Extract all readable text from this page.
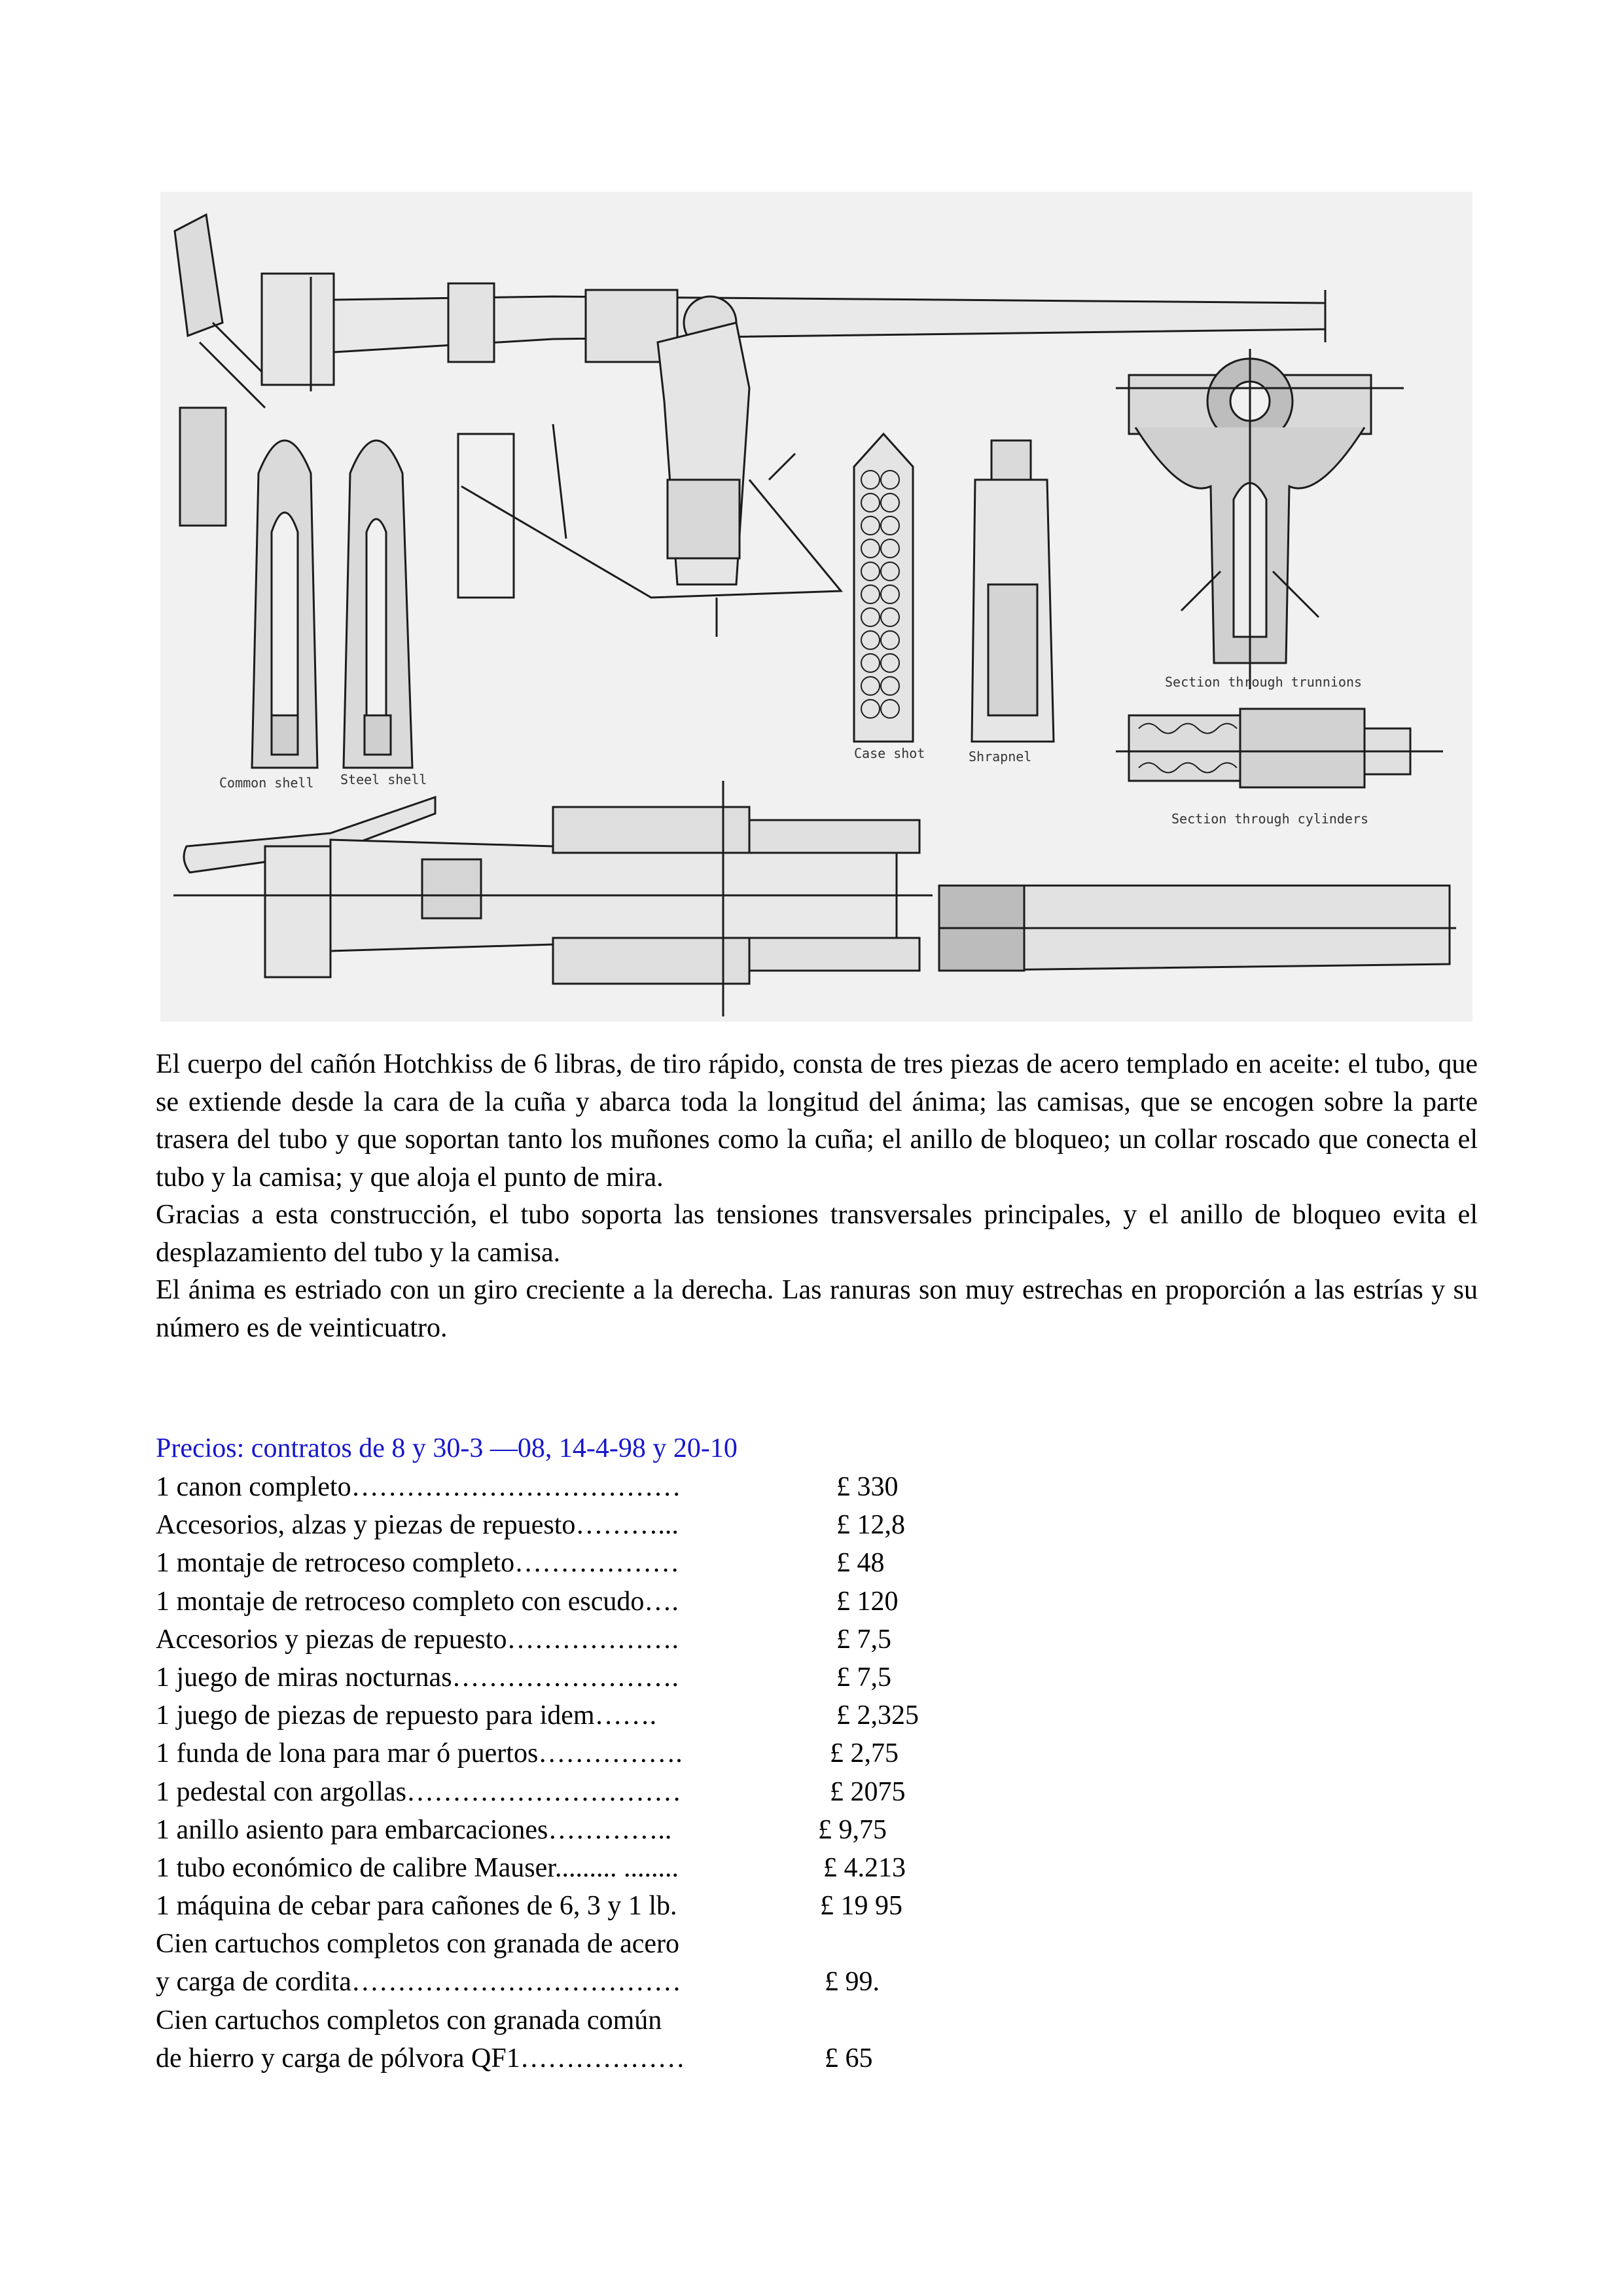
Common shell Steel shell
Case shot	Shrapnel
Section through trunnions
Section through cylinders

El cuerpo del cañón Hotchkiss de 6 libras, de tiro rápido, consta de tres piezas de acero templado en aceite: el tubo, que se extiende desde la cara de la cuña y abarca toda la longitud del ánima; las camisas, que se encogen sobre la parte trasera del tubo y que soportan tanto los muñones como la cuña; el anillo de bloqueo; un collar roscado que conecta el tubo y la camisa; y que aloja el punto de mira.

Gracias a esta construcción, el tubo soporta las tensiones transversales principales, y el anillo de bloqueo evita el desplazamiento del tubo y la camisa.

El ánima es estriado con un giro creciente a la derecha. Las ranuras son muy estrechas en proporción a las estrías y su número es de veinticuatro.

Precios: contratos de 8 y 30-3 —08, 14-4-98 y 20-10
1 canon completo………………………………	£ 330
Accesorios, alzas y piezas de repuesto………...	£ 12,8
1 montaje de retroceso completo………………	£ 48
1 montaje de retroceso completo con escudo….	£ 120
Accesorios y piezas de repuesto……………….	£ 7,5
1 juego de miras nocturnas…………………….	£ 7,5
1 juego de piezas de repuesto para idem…….	£ 2,325
1 funda de lona para mar ó puertos…………….	£ 2,75
1 pedestal con argollas…………………………	£ 2075
1 anillo asiento para embarcaciones…………..	£ 9,75
1 tubo económico de calibre Mauser......... ........	£ 4.213
1 máquina de cebar para cañones de 6, 3 y 1 lb.	£ 19 95
Cien cartuchos completos con granada de acero
y carga de cordita………………………………	£ 99.
Cien cartuchos completos con granada común
de hierro y carga de pólvora QF1………………	£ 65
